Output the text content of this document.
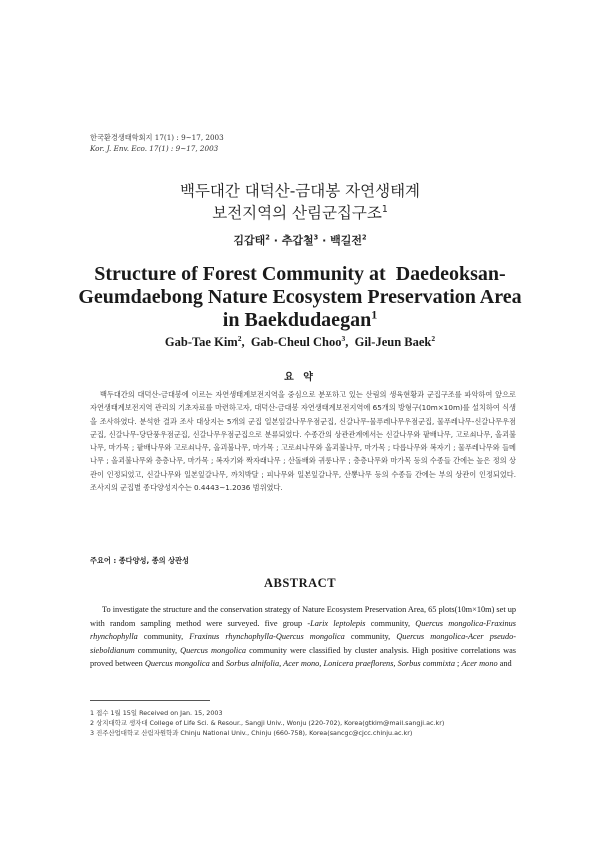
한국환경생태학회지 17(1) : 9~17, 2003
Kor. J. Env. Eco. 17(1) : 9~17, 2003
백두대간 대덕산-금대봉 자연생태계
보전지역의 산림군집구조$^1$
김갑태$^2$ · 추갑철$^3$ · 백길전$^2$
Structure of Forest Community at  Daedeoksan-
Geumdaebong Nature Ecosystem Preservation Area
in Baekdudaegan$^1$
Gab-Tae Kim$^2$,  Gab-Cheul Choo$^3$,  Gil-Jeun Baek$^2$
요 약
백두대간의 대덕산-금대봉에 이르는 자연생태계보전지역을 중심으로 분포하고 있는 산림의 생육현황과 군집구조를 파악하여 앞으로 자연생태계보전지역 관리의 기초자료를 마련하고자, 대덕산-금대봉 자연생태계보전지역에 65개의 방형구(10m×10m)를 설치하여 식생을 조사하였다. 분석한 결과 조사 대상지는 5개의 군집 일본잎갈나무우점군집, 신갈나무-물푸레나무우점군집, 물푸레나무-신갈나무우점군집, 신갈나무-당단풍우점군집, 신갈나무우점군집으로 분류되었다. 수종간의 상관관계에서는 신갈나무와 팥배나무, 고로쇠나무, 올괴불나무, 마가목 ; 팥배나무와 고로쇠나무, 올괴불나무, 마가목 ; 고로쇠나무와 올괴불나무, 마가목 ; 다릅나무와 복자기 ; 물푸레나무와 들메나무 ; 올괴불나무와 층층나무, 마가목 ; 복자기와 짝자래나무 ; 산돌배와 귀룽나무 ; 층층나무와 마가목 등의 수종들 간에는 높은 정의 상관이 인정되었고, 신갈나무와 일본잎갈나무, 까치박달 ; 피나무와 일본잎갈나무, 산뽕나무 등의 수종들 간에는 부의 상관이 인정되었다. 조사지의 군집별 종다양성지수는 0.4443~1.2036 범위였다.
주요어 : 종다양성, 종의 상관성
ABSTRACT
To investigate the structure and the conservation strategy of Nature Ecosystem Preservation Area, 65 plots(10m×10m) set up with random sampling method were surveyed. five group -Larix leptolepis community, Quercus mongolica-Fraxinus rhynchophylla community, Fraxinus rhynchophylla-Quercus mongolica community, Quercus mongolica-Acer pseudo-sieboldianum community, Quercus mongolica community were classified by cluster analysis. High positive correlations was proved between Quercus mongolica and Sorbus alnifolia, Acer mono, Lonicera praeflorens, Sorbus commixta ; Acer mono and
1 접수 1월 15일 Received on Jan. 15, 2003
2 상지대학교 생자대 College of Life Sci. & Resour., Sangji Univ., Wonju (220-702), Korea(gtkim@mail.sangji.ac.kr)
3 진주산업대학교 산림자원학과 Chinju National Univ., Chinju (660-758), Korea(sancgc@cjcc.chinju.ac.kr)
